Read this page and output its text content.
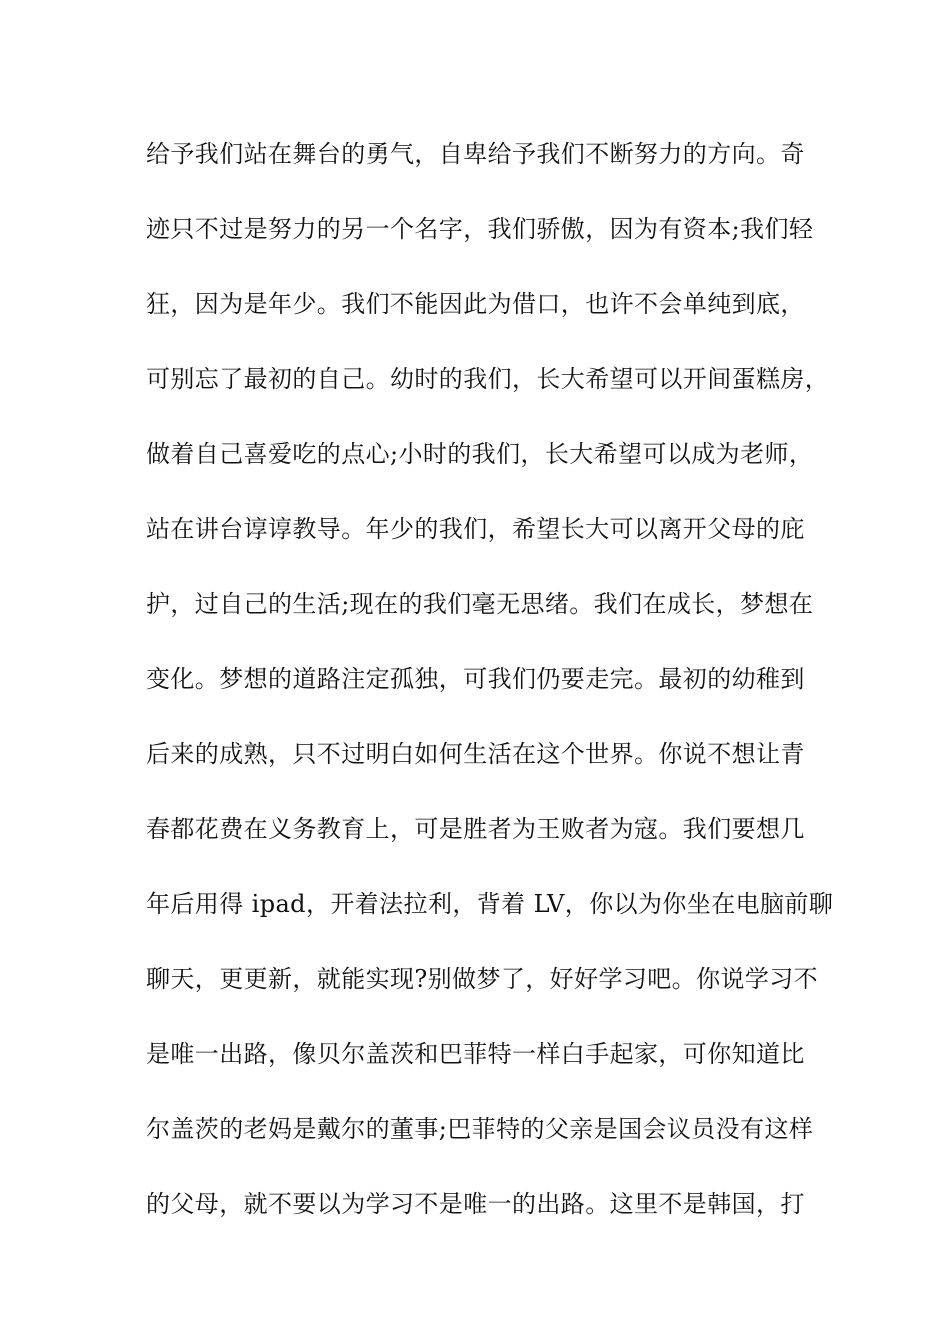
给予我们站在舞台的勇气，自卑给予我们不断努力的方向。奇
迹只不过是努力的另一个名字，我们骄傲，因为有资本;我们轻
狂，因为是年少。我们不能因此为借口，也许不会单纯到底，
可别忘了最初的自己。幼时的我们，长大希望可以开间蛋糕房，
做着自己喜爱吃的点心;小时的我们，长大希望可以成为老师，
站在讲台谆谆教导。年少的我们，希望长大可以离开父母的庇
护，过自己的生活;现在的我们毫无思绪。我们在成长，梦想在
变化。梦想的道路注定孤独，可我们仍要走完。最初的幼稚到
后来的成熟，只不过明白如何生活在这个世界。你说不想让青
春都花费在义务教育上，可是胜者为王败者为寇。我们要想几
年后用得 ipad，开着法拉利，背着 LV，你以为你坐在电脑前聊
聊天，更更新，就能实现?别做梦了，好好学习吧。你说学习不
是唯一出路，像贝尔盖茨和巴菲特一样白手起家，可你知道比
尔盖茨的老妈是戴尔的董事;巴菲特的父亲是国会议员没有这样
的父母，就不要以为学习不是唯一的出路。这里不是韩国，打
